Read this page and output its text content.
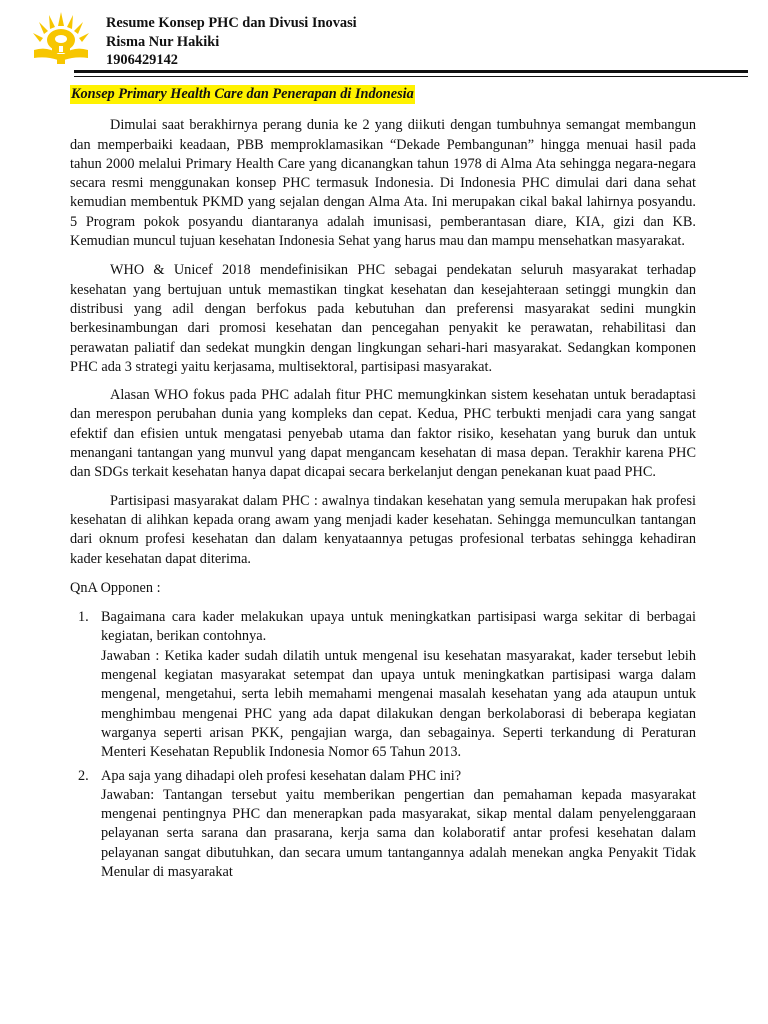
Resume Konsep PHC dan Divusi Inovasi
Risma Nur Hakiki
1906429142
Konsep Primary Health Care dan Penerapan di Indonesia

Dimulai saat berakhirnya perang dunia ke 2 yang diikuti dengan tumbuhnya semangat membangun dan memperbaiki keadaan, PBB memproklamasikan “Dekade Pembangunan” hingga menuai hasil pada tahun 2000 melalui Primary Health Care yang dicanangkan tahun 1978 di Alma Ata sehingga negara-negara secara resmi menggunakan konsep PHC termasuk Indonesia. Di Indonesia PHC dimulai dari dana sehat kemudian membentuk PKMD yang sejalan dengan Alma Ata. Ini merupakan cikal bakal lahirnya posyandu. 5 Program pokok posyandu diantaranya adalah imunisasi, pemberantasan diare, KIA, gizi dan KB. Kemudian muncul tujuan kesehatan Indonesia Sehat yang harus mau dan mampu mensehatkan masyarakat.

WHO & Unicef 2018 mendefinisikan PHC sebagai pendekatan seluruh masyarakat terhadap kesehatan yang bertujuan untuk memastikan tingkat kesehatan dan kesejahteraan setinggi mungkin dan distribusi yang adil dengan berfokus pada kebutuhan dan preferensi masyarakat sedini mungkin berkesinambungan dari promosi kesehatan dan pencegahan penyakit ke perawatan, rehabilitasi dan perawatan paliatif dan sedekat mungkin dengan lingkungan sehari-hari masyarakat. Sedangkan komponen PHC ada 3 strategi yaitu kerjasama, multisektoral, partisipasi masyarakat.

Alasan WHO fokus pada PHC adalah fitur PHC memungkinkan sistem kesehatan untuk beradaptasi dan merespon perubahan dunia yang kompleks dan cepat. Kedua, PHC terbukti menjadi cara yang sangat efektif dan efisien untuk mengatasi penyebab utama dan faktor risiko, kesehatan yang buruk dan untuk menangani tantangan yang munvul yang dapat mengancam kesehatan di masa depan. Terakhir karena PHC dan SDGs terkait kesehatan hanya dapat dicapai secara berkelanjut dengan penekanan kuat paad PHC.

Partisipasi masyarakat dalam PHC : awalnya tindakan kesehatan yang semula merupakan hak profesi kesehatan di alihkan kepada orang awam yang menjadi kader kesehatan. Sehingga memunculkan tantangan dari oknum profesi kesehatan dan dalam kenyataannya petugas profesional terbatas sehingga kehadiran kader kesehatan dapat diterima.

QnA Opponen :

1. Bagaimana cara kader melakukan upaya untuk meningkatkan partisipasi warga sekitar di berbagai kegiatan, berikan contohnya.

Jawaban : Ketika kader sudah dilatih untuk mengenal isu kesehatan masyarakat, kader tersebut lebih mengenal kegiatan masyarakat setempat dan upaya untuk meningkatkan partisipasi warga dalam mengenal, mengetahui, serta lebih memahami mengenai masalah kesehatan yang ada ataupun untuk menghimbau mengenai PHC yang ada dapat dilakukan dengan berkolaborasi di beberapa kegiatan warganya seperti arisan PKK, pengajian warga, dan sebagainya. Seperti terkandung di Peraturan Menteri Kesehatan Republik Indonesia Nomor 65 Tahun 2013.

2. Apa saja yang dihadapi oleh profesi kesehatan dalam PHC ini?

Jawaban: Tantangan tersebut yaitu memberikan pengertian dan pemahaman kepada masyarakat mengenai pentingnya PHC dan menerapkan pada masyarakat, sikap mental dalam penyelenggaraan pelayanan serta sarana dan prasarana, kerja sama dan kolaboratif antar profesi kesehatan dalam pelayanan sangat dibutuhkan, dan secara umum tantangannya adalah menekan angka Penyakit Tidak Menular di masyarakat
